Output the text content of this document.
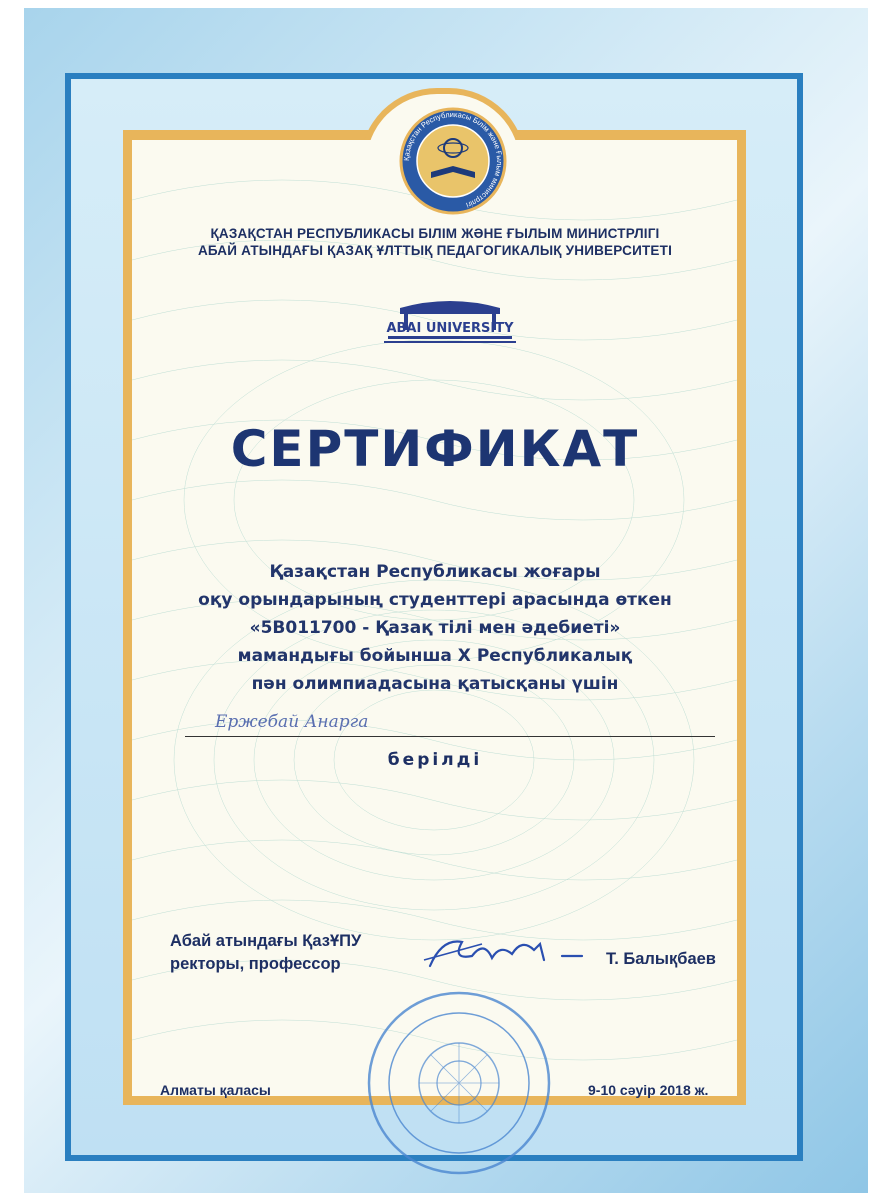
Қазақстан Республикасы Білім және Ғылым министрлігі
ҚАЗАҚСТАН РЕСПУБЛИКАСЫ БІЛІМ ЖӘНЕ ҒЫЛЫМ МИНИСТРЛІГІ
АБАЙ АТЫНДАҒЫ ҚАЗАҚ ҰЛТТЫҚ ПЕДАГОГИКАЛЫҚ УНИВЕРСИТЕТІ
ABAI UNIVERSITY
СЕРТИФИКАТ
Қазақстан Республикасы жоғары
оқу орындарының студенттері арасында өткен
«5В011700 - Қазақ тілі мен әдебиеті»
мамандығы бойынша X Республикалық
пән олимпиадасына қатысқаны үшін
Ержебай Анарга
берілді
Абай атындағы ҚазҰПУ
ректоры, профессор	Т. Балықбаев
Алматы қаласы	9-10 сәуір 2018 ж.
